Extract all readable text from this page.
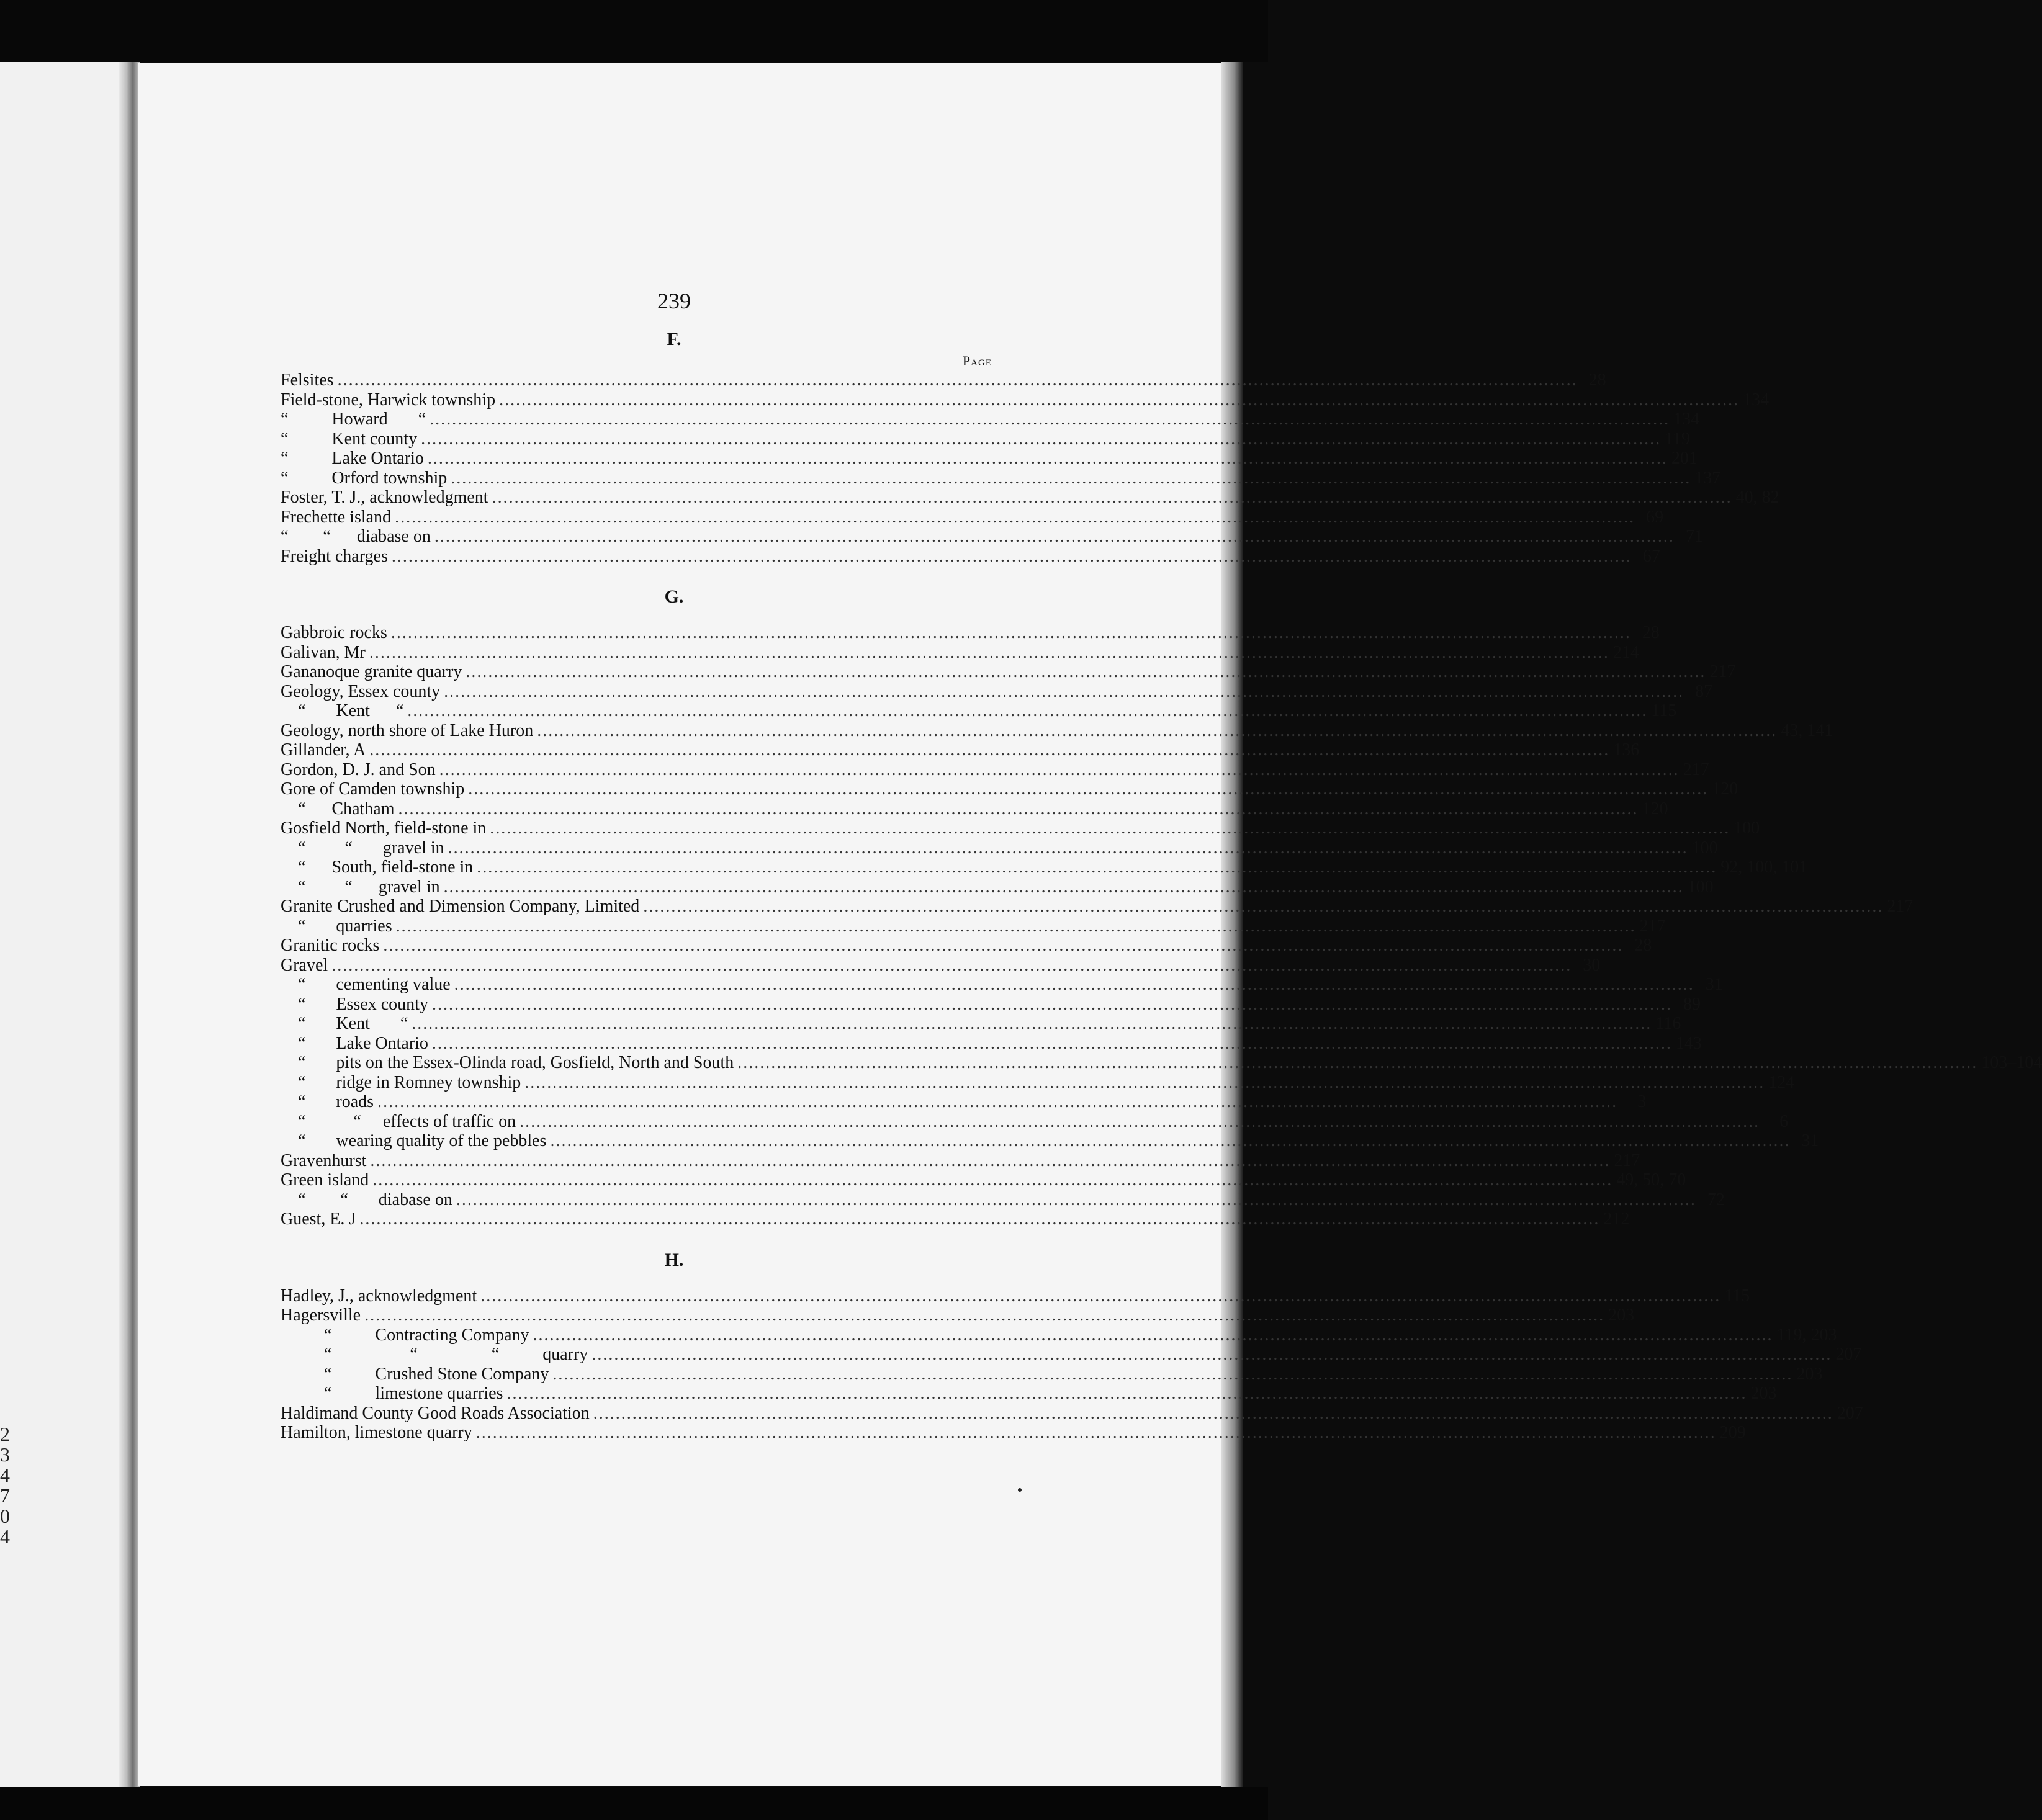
2
3
4
7
0
4
239
F.
Page
Felsites .....	28
Field-stone, Harwick township .....	134
“          Howard       “ .....	134
“          Kent county .....	119
“          Lake Ontario .....	201
“          Orford township .....	137
Foster, T. J., acknowledgment .....	40, 82
Frechette island .....	69
“        “      diabase on .....	71
Freight charges .....	67
G.
Gabbroic rocks .....	28
Galivan, Mr .....	214
Gananoque granite quarry .....	217
Geology, Essex county .....	87
“       Kent      “ .....	115
Geology, north shore of Lake Huron .....	43, 141
Gillander, A .....	136
Gordon, D. J. and Son .....	217
Gore of Camden township .....	120
“      Chatham .....	120
Gosfield North, field-stone in .....	100
“         “       gravel in .....	100
“      South, field-stone in .....	92, 100, 101
“         “      gravel in .....	100
Granite Crushed and Dimension Company, Limited .....	217
“       quarries .....	217
Granitic rocks .....	28
Gravel .....	30
“       cementing value .....	31
“       Essex county .....	89
“       Kent       “ .....	116
“       Lake Ontario .....	143
“       pits on the Essex-Olinda road, Gosfield, North and South .....	103–104
“       ridge in Romney township .....	124
“       roads .....	3
“           “     effects of traffic on .....	6
“       wearing quality of the pebbles .....	31
Gravenhurst .....	217
Green island .....	49, 50, 70
“        “       diabase on .....	72
Guest, E. J .....	212
H.
Hadley, J., acknowledgment .....	115
Hagersville .....	203
“          Contracting Company .....	119, 203
“                  “                 “          quarry .....	207
“          Crushed Stone Company .....	203
“          limestone quarries .....	203
Haldimand County Good Roads Association .....	207
Hamilton, limestone quarry .....	209
